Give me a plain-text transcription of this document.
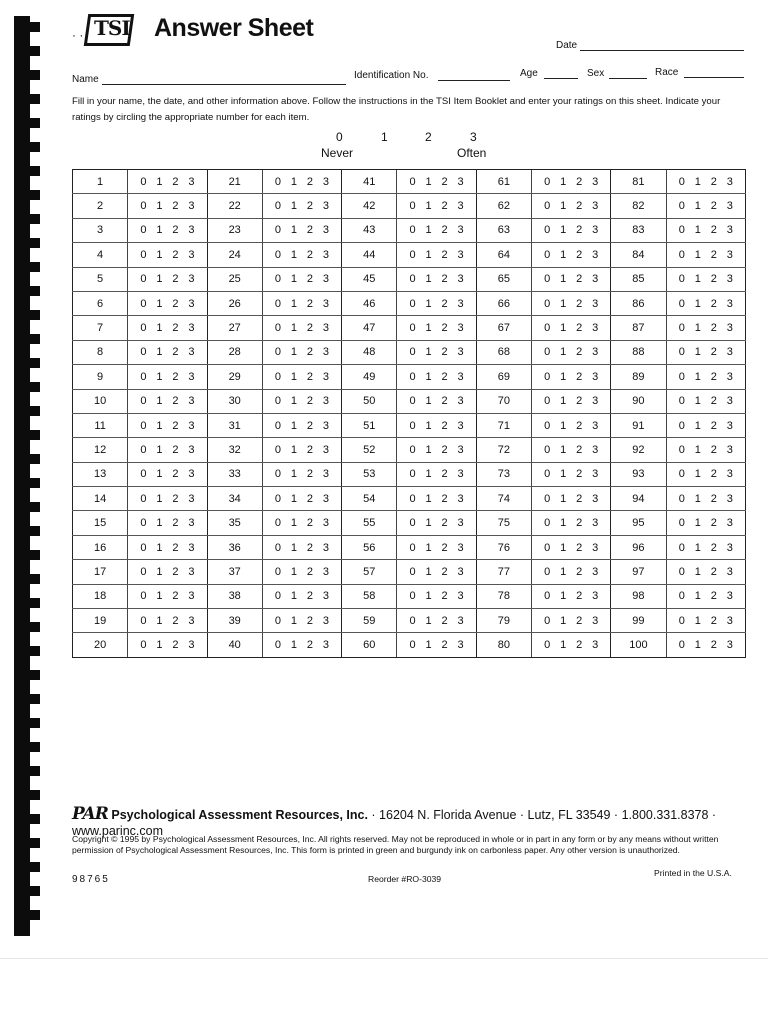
· · TSI Answer Sheet
Date
Name	Identification No.	Age	Sex	Race
Fill in your name, the date, and other information above. Follow the instructions in the TSI Item Booklet and enter your ratings on this sheet. Indicate your ratings by circling the appropriate number for each item.
0	1	2	3
Never	Often
1	0 1 2 3	21	0 1 2 3	41	0 1 2 3	61	0 1 2 3	81	0 1 2 3
2	0 1 2 3	22	0 1 2 3	42	0 1 2 3	62	0 1 2 3	82	0 1 2 3
3	0 1 2 3	23	0 1 2 3	43	0 1 2 3	63	0 1 2 3	83	0 1 2 3
4	0 1 2 3	24	0 1 2 3	44	0 1 2 3	64	0 1 2 3	84	0 1 2 3
5	0 1 2 3	25	0 1 2 3	45	0 1 2 3	65	0 1 2 3	85	0 1 2 3
6	0 1 2 3	26	0 1 2 3	46	0 1 2 3	66	0 1 2 3	86	0 1 2 3
7	0 1 2 3	27	0 1 2 3	47	0 1 2 3	67	0 1 2 3	87	0 1 2 3
8	0 1 2 3	28	0 1 2 3	48	0 1 2 3	68	0 1 2 3	88	0 1 2 3
9	0 1 2 3	29	0 1 2 3	49	0 1 2 3	69	0 1 2 3	89	0 1 2 3
10	0 1 2 3	30	0 1 2 3	50	0 1 2 3	70	0 1 2 3	90	0 1 2 3
11	0 1 2 3	31	0 1 2 3	51	0 1 2 3	71	0 1 2 3	91	0 1 2 3
12	0 1 2 3	32	0 1 2 3	52	0 1 2 3	72	0 1 2 3	92	0 1 2 3
13	0 1 2 3	33	0 1 2 3	53	0 1 2 3	73	0 1 2 3	93	0 1 2 3
14	0 1 2 3	34	0 1 2 3	54	0 1 2 3	74	0 1 2 3	94	0 1 2 3
15	0 1 2 3	35	0 1 2 3	55	0 1 2 3	75	0 1 2 3	95	0 1 2 3
16	0 1 2 3	36	0 1 2 3	56	0 1 2 3	76	0 1 2 3	96	0 1 2 3
17	0 1 2 3	37	0 1 2 3	57	0 1 2 3	77	0 1 2 3	97	0 1 2 3
18	0 1 2 3	38	0 1 2 3	58	0 1 2 3	78	0 1 2 3	98	0 1 2 3
19	0 1 2 3	39	0 1 2 3	59	0 1 2 3	79	0 1 2 3	99	0 1 2 3
20	0 1 2 3	40	0 1 2 3	60	0 1 2 3	80	0 1 2 3	100	0 1 2 3
PAR Psychological Assessment Resources, Inc. · 16204 N. Florida Avenue · Lutz, FL 33549 · 1.800.331.8378 · www.parinc.com
Copyright © 1995 by Psychological Assessment Resources, Inc. All rights reserved. May not be reproduced in whole or in part in any form or by any means without written permission of Psychological Assessment Resources, Inc. This form is printed in green and burgundy ink on carbonless paper. Any other version is unauthorized.
98765	Reorder #RO-3039
Printed in the U.S.A.
